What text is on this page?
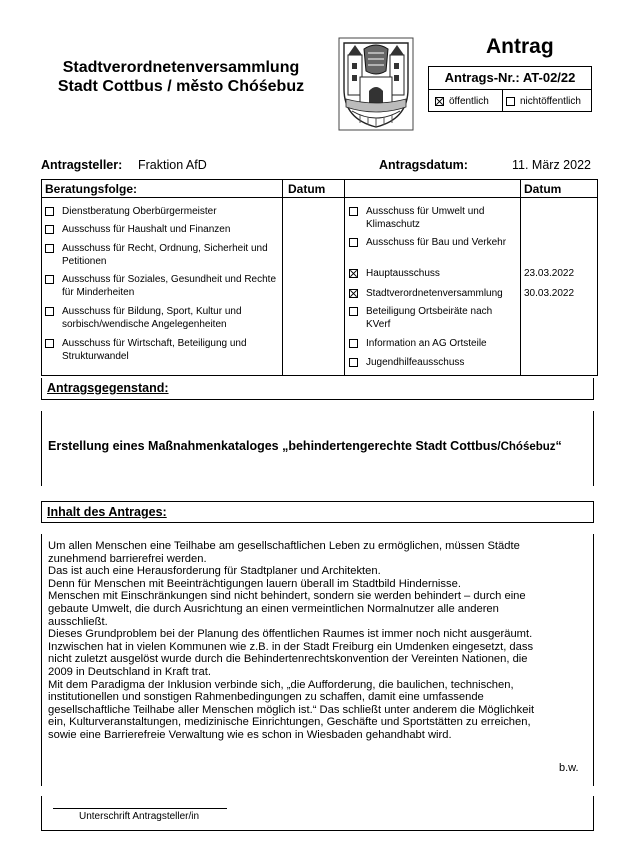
Stadtverordnetenversammlung
Stadt Cottbus / město Chóśebuz
Antrag
Antrags-Nr.: AT-02/22
öffentlich	nichtöffentlich
Antragsteller: Fraktion AfD	Antragsdatum:	11. März 2022
Beratungsfolge:	Datum	Datum
Dienstberatung Oberbürgermeister
Ausschuss für Haushalt und Finanzen
Ausschuss für Recht, Ordnung, Sicherheit und Petitionen
Ausschuss für Soziales, Gesundheit und Rechte für Minderheiten
Ausschuss für Bildung, Sport, Kultur und sorbisch/wendische Angelegenheiten
Ausschuss für Wirtschaft, Beteiligung und Strukturwandel
Ausschuss für Umwelt und Klimaschutz
Ausschuss für Bau und Verkehr
Hauptausschuss	23.03.2022
Stadtverordnetenversammlung 30.03.2022
Beteiligung Ortsbeiräte nach KVerf
Information an AG Ortsteile
Jugendhilfeausschuss
Antragsgegenstand:
Erstellung eines Maßnahmenkataloges „behindertengerechte Stadt Cottbus/Chóśebuz“
Inhalt des Antrages:

Um allen Menschen eine Teilhabe am gesellschaftlichen Leben zu ermöglichen, müssen Städte

zunehmend barrierefrei werden.

Das ist auch eine Herausforderung für Stadtplaner und Architekten.

Denn für Menschen mit Beeinträchtigungen lauern überall im Stadtbild Hindernisse.

Menschen mit Einschränkungen sind nicht behindert, sondern sie werden behindert – durch eine

gebaute Umwelt, die durch Ausrichtung an einen vermeintlichen Normalnutzer alle anderen

ausschließt.

Dieses Grundproblem bei der Planung des öffentlichen Raumes ist immer noch nicht ausgeräumt.

Inzwischen hat in vielen Kommunen wie z.B. in der Stadt Freiburg ein Umdenken eingesetzt, dass

nicht zuletzt ausgelöst wurde durch die Behindertenrechtskonvention der Vereinten Nationen, die

2009 in Deutschland in Kraft trat.

Mit dem Paradigma der Inklusion verbinde sich, „die Aufforderung, die baulichen, technischen,

institutionellen und sonstigen Rahmenbedingungen zu schaffen, damit eine umfassende

gesellschaftliche Teilhabe aller Menschen möglich ist.“ Das schließt unter anderem die Möglichkeit

ein, Kulturveranstaltungen, medizinische Einrichtungen, Geschäfte und Sportstätten zu erreichen,

sowie eine Barrierefreie Verwaltung wie es schon in Wiesbaden gehandhabt wird.

b.w.
Unterschrift Antragsteller/in
